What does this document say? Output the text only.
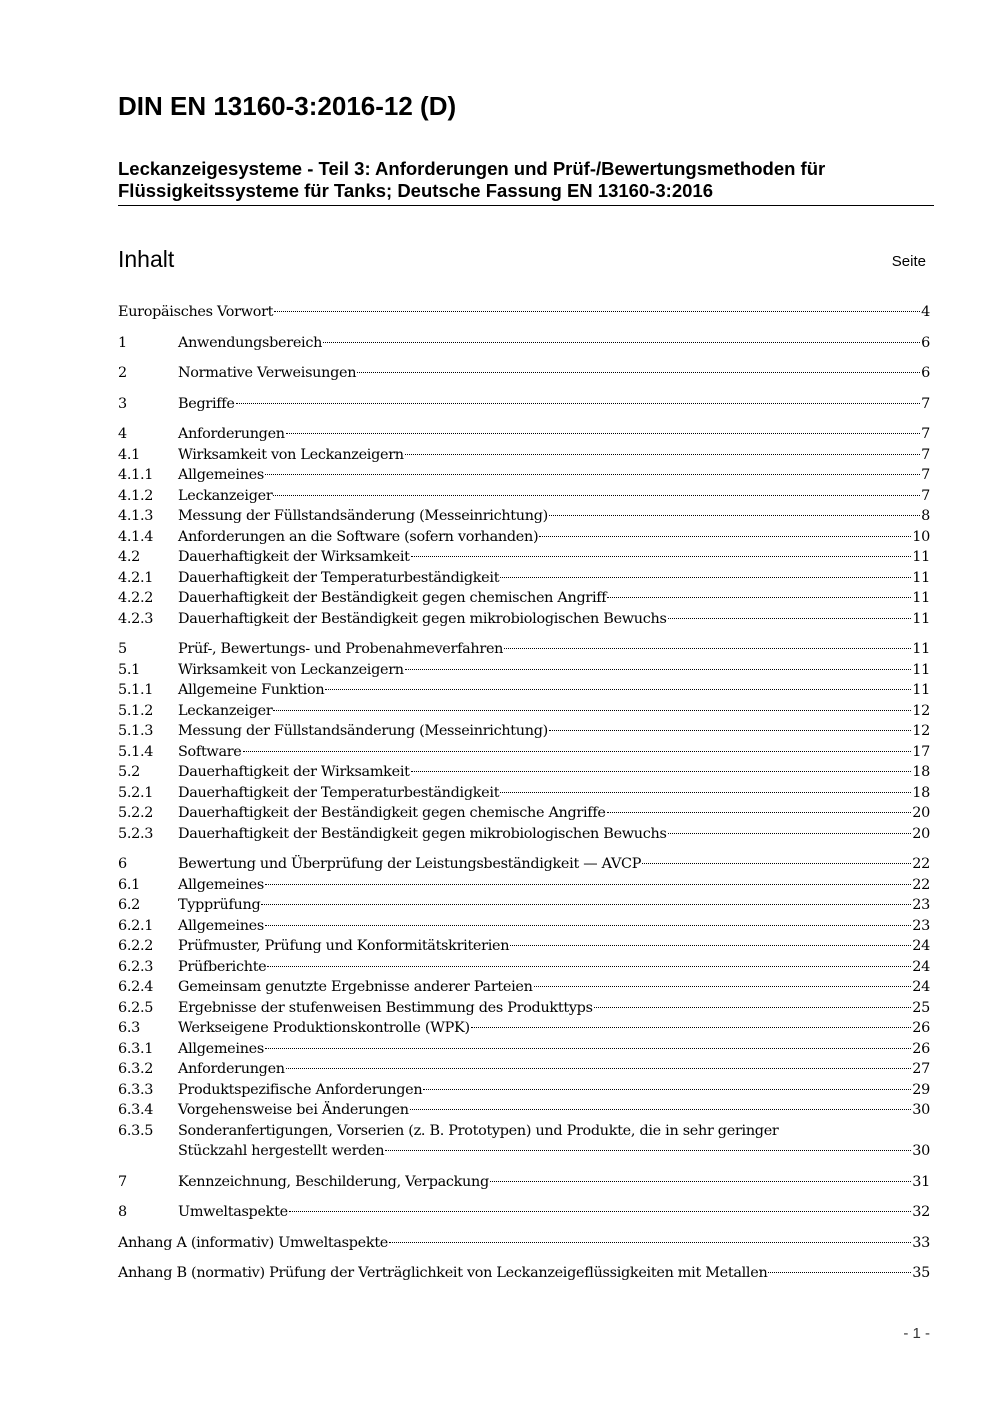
DIN EN 13160-3:2016-12 (D)
Leckanzeigesysteme - Teil 3: Anforderungen und Prüf-/Bewertungsmethoden für
Flüssigkeitssysteme für Tanks; Deutsche Fassung EN 13160-3:2016
Inhalt	Seite
Europäisches Vorwort	4
1	Anwendungsbereich	6
2	Normative Verweisungen	6
3	Begriffe	7
4	Anforderungen	7
4.1	Wirksamkeit von Leckanzeigern	7
4.1.1	Allgemeines	7
4.1.2	Leckanzeiger	7
4.1.3	Messung der Füllstandsänderung (Messeinrichtung)	8
4.1.4	Anforderungen an die Software (sofern vorhanden)	10
4.2	Dauerhaftigkeit der Wirksamkeit	11
4.2.1	Dauerhaftigkeit der Temperaturbeständigkeit	11
4.2.2	Dauerhaftigkeit der Beständigkeit gegen chemischen Angriff	11
4.2.3	Dauerhaftigkeit der Beständigkeit gegen mikrobiologischen Bewuchs	11
5	Prüf-, Bewertungs- und Probenahmeverfahren	11
5.1	Wirksamkeit von Leckanzeigern	11
5.1.1	Allgemeine Funktion	11
5.1.2	Leckanzeiger	12
5.1.3	Messung der Füllstandsänderung (Messeinrichtung)	12
5.1.4	Software	17
5.2	Dauerhaftigkeit der Wirksamkeit	18
5.2.1	Dauerhaftigkeit der Temperaturbeständigkeit	18
5.2.2	Dauerhaftigkeit der Beständigkeit gegen chemische Angriffe	20
5.2.3	Dauerhaftigkeit der Beständigkeit gegen mikrobiologischen Bewuchs	20
6	Bewertung und Überprüfung der Leistungsbeständigkeit — AVCP	22
6.1	Allgemeines	22
6.2	Typprüfung	23
6.2.1	Allgemeines	23
6.2.2	Prüfmuster, Prüfung und Konformitätskriterien	24
6.2.3	Prüfberichte	24
6.2.4	Gemeinsam genutzte Ergebnisse anderer Parteien	24
6.2.5	Ergebnisse der stufenweisen Bestimmung des Produkttyps	25
6.3	Werkseigene Produktionskontrolle (WPK)	26
6.3.1	Allgemeines	26
6.3.2	Anforderungen	27
6.3.3	Produktspezifische Anforderungen	29
6.3.4	Vorgehensweise bei Änderungen	30
6.3.5	Sonderanfertigungen, Vorserien (z. B. Prototypen) und Produkte, die in sehr geringer
Stückzahl hergestellt werden	30
7	Kennzeichnung, Beschilderung, Verpackung	31
8	Umweltaspekte	32
Anhang A (informativ) Umweltaspekte	33
Anhang B (normativ) Prüfung der Verträglichkeit von Leckanzeigeflüssigkeiten mit Metallen	35
- 1 -
